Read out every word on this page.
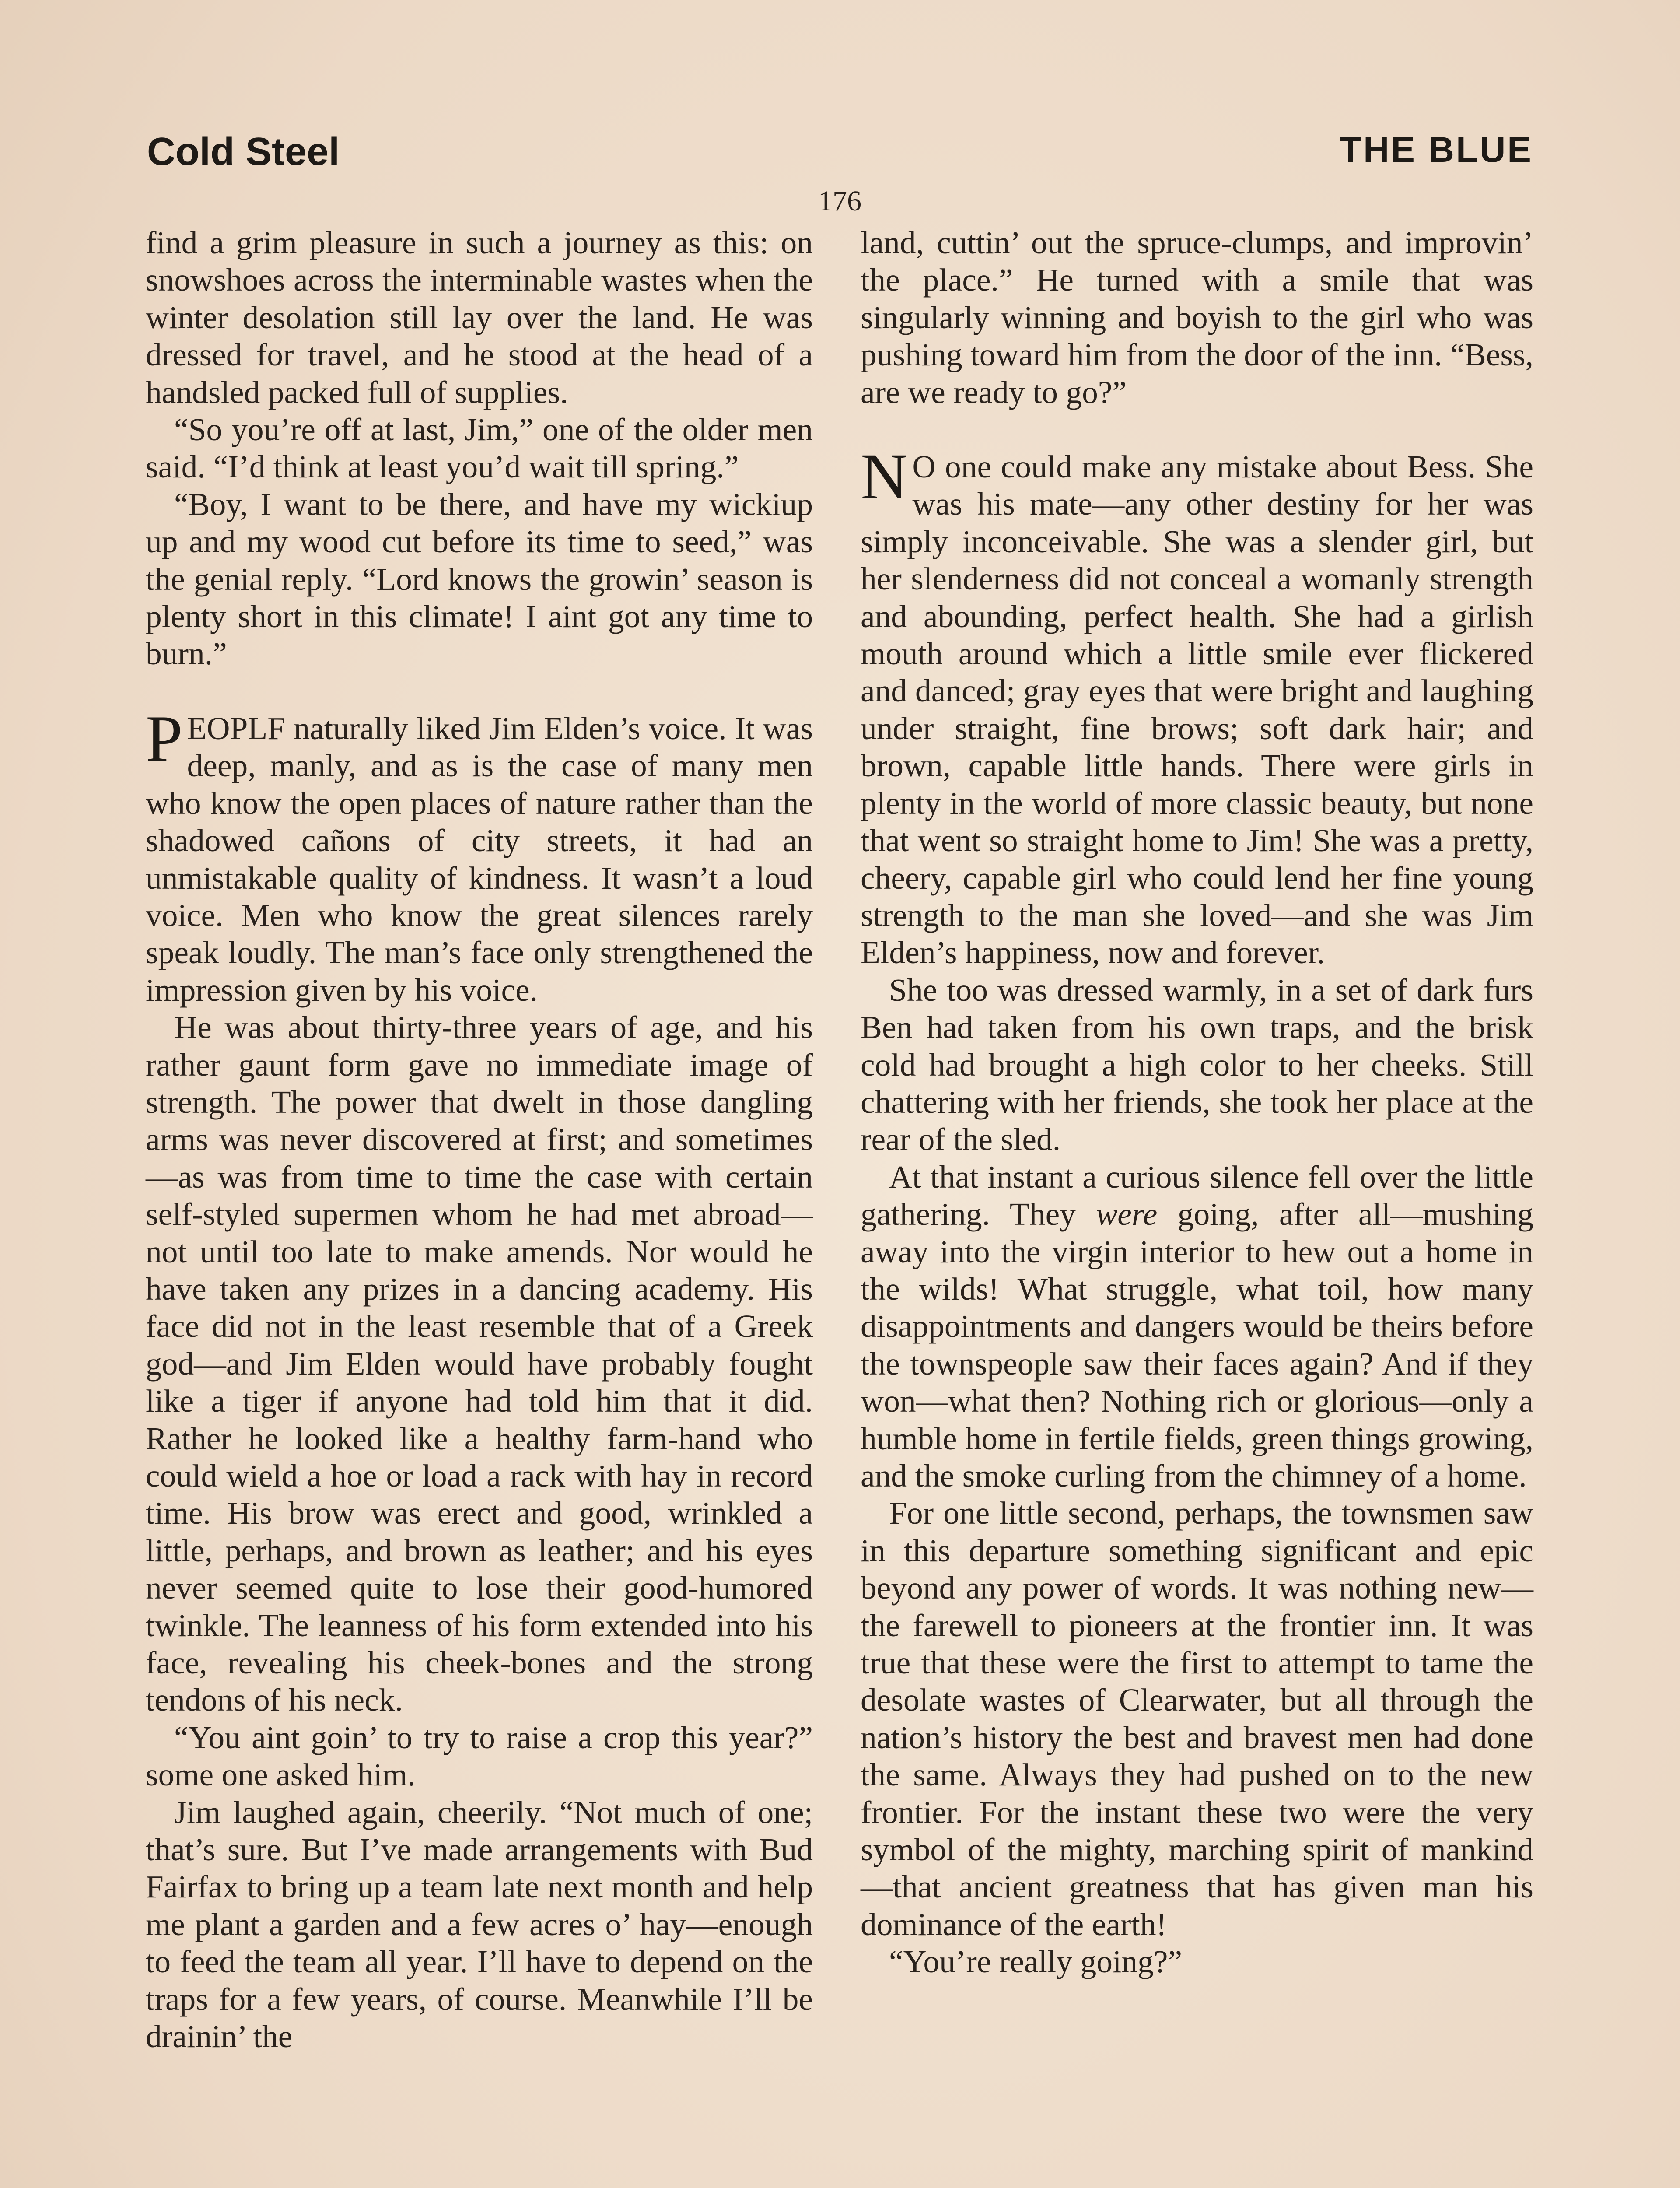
Cold Steel	THE BLUE
176

find a grim pleasure in such a journey as this: on snowshoes across the interminable wastes when the winter desolation still lay over the land. He was dressed for travel, and he stood at the head of a handsled packed full of supplies.

“So you’re off at last, Jim,” one of the older men said. “I’d think at least you’d wait till spring.”

“Boy, I want to be there, and have my wickiup up and my wood cut before its time to seed,” was the genial reply. “Lord knows the growin’ season is plenty short in this climate! I aint got any time to burn.”

PEOPLF naturally liked Jim Elden’s voice. It was deep, manly, and as is the case of many men who know the open places of nature rather than the shadowed cañons of city streets, it had an unmistakable quality of kindness. It wasn’t a loud voice. Men who know the great silences rarely speak loudly. The man’s face only strengthened the impression given by his voice.

He was about thirty-three years of age, and his rather gaunt form gave no immediate image of strength. The power that dwelt in those dangling arms was never discovered at first; and sometimes—as was from time to time the case with certain self-styled supermen whom he had met abroad—not until too late to make amends. Nor would he have taken any prizes in a dancing academy. His face did not in the least resemble that of a Greek god—and Jim Elden would have probably fought like a tiger if anyone had told him that it did. Rather he looked like a healthy farm-hand who could wield a hoe or load a rack with hay in record time. His brow was erect and good, wrinkled a little, perhaps, and brown as leather; and his eyes never seemed quite to lose their good-humored twinkle. The leanness of his form extended into his face, revealing his cheek-bones and the strong tendons of his neck.

“You aint goin’ to try to raise a crop this year?” some one asked him.

Jim laughed again, cheerily. “Not much of one; that’s sure. But I’ve made arrangements with Bud Fairfax to bring up a team late next month and help me plant a garden and a few acres o’ hay—enough to feed the team all year. I’ll have to depend on the traps for a few years, of course. Meanwhile I’ll be drainin’ the

land, cuttin’ out the spruce-clumps, and improvin’ the place.” He turned with a smile that was singularly winning and boyish to the girl who was pushing toward him from the door of the inn. “Bess, are we ready to go?”

N O one could make any mistake about Bess. She was his mate—any other destiny for her was simply inconceivable. She was a slender girl, but her slenderness did not conceal a womanly strength and abounding, perfect health. She had a girlish mouth around which a little smile ever flickered and danced; gray eyes that were bright and laughing under straight, fine brows; soft dark hair; and brown, capable little hands. There were girls in plenty in the world of more classic beauty, but none that went so straight home to Jim! She was a pretty, cheery, capable girl who could lend her fine young strength to the man she loved—and she was Jim Elden’s happiness, now and forever.

She too was dressed warmly, in a set of dark furs Ben had taken from his own traps, and the brisk cold had brought a high color to her cheeks. Still chattering with her friends, she took her place at the rear of the sled.

At that instant a curious silence fell over the little gathering. They were going, after all—mushing away into the virgin interior to hew out a home in the wilds! What struggle, what toil, how many disappointments and dangers would be theirs before the townspeople saw their faces again? And if they won—what then? Nothing rich or glorious—only a humble home in fertile fields, green things growing, and the smoke curling from the chimney of a home.

For one little second, perhaps, the townsmen saw in this departure something significant and epic beyond any power of words. It was nothing new—the farewell to pioneers at the frontier inn. It was true that these were the first to attempt to tame the desolate wastes of Clearwater, but all through the nation’s history the best and bravest men had done the same. Always they had pushed on to the new frontier. For the instant these two were the very symbol of the mighty, marching spirit of mankind—that ancient greatness that has given man his dominance of the earth!

“You’re really going?”
